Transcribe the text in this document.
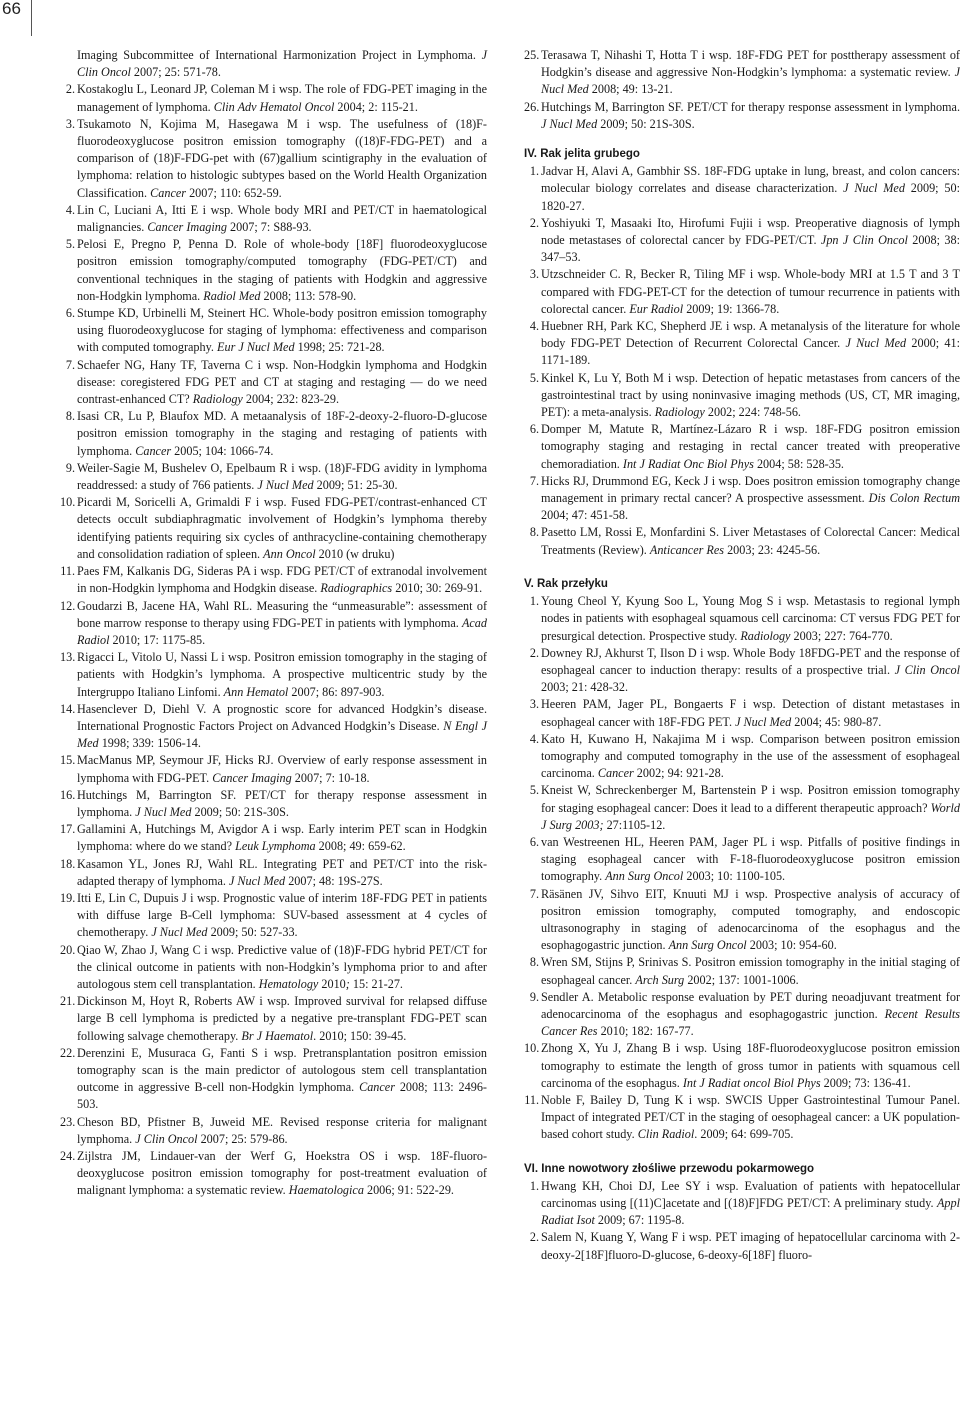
66

Imaging Subcommittee of International Harmonization Project in Lymphoma. J Clin Oncol 2007; 25: 571-78.

2. Kostakoglu L, Leonard JP, Coleman M i wsp. The role of FDG-PET imaging in the management of lymphoma. Clin Adv Hematol Oncol 2004; 2: 115-21.

3. Tsukamoto N, Kojima M, Hasegawa M i wsp. The usefulness of (18)F-fluorodeoxyglucose positron emission tomography ((18)F-FDG-PET) and a comparison of (18)F-FDG-pet with (67)gallium scintigraphy in the evaluation of lymphoma: relation to histologic subtypes based on the World Health Organization Classification. Cancer 2007; 110: 652-59.

4. Lin C, Luciani A, Itti E i wsp. Whole body MRI and PET/CT in haematological malignancies. Cancer Imaging 2007; 7: S88-93.

5. Pelosi E, Pregno P, Penna D. Role of whole-body [18F] fluorodeoxyglucose positron emission tomography/computed tomography (FDG-PET/CT) and conventional techniques in the staging of patients with Hodgkin and aggressive non-Hodgkin lymphoma. Radiol Med 2008; 113: 578-90.

6. Stumpe KD, Urbinelli M, Steinert HC. Whole-body positron emission tomography using fluorodeoxyglucose for staging of lymphoma: effectiveness and comparison with computed tomography. Eur J Nucl Med 1998; 25: 721-28.

7. Schaefer NG, Hany TF, Taverna C i wsp. Non-Hodgkin lymphoma and Hodgkin disease: coregistered FDG PET and CT at staging and restaging — do we need contrast-enhanced CT? Radiology 2004; 232: 823-29.

8. Isasi CR, Lu P, Blaufox MD. A metaanalysis of 18F-2-deoxy-2-fluoro-D-glucose positron emission tomography in the staging and restaging of patients with lymphoma. Cancer 2005; 104: 1066-74.

9. Weiler-Sagie M, Bushelev O, Epelbaum R i wsp. (18)F-FDG avidity in lymphoma readdressed: a study of 766 patients. J Nucl Med 2009; 51: 25-30.

10. Picardi M, Soricelli A, Grimaldi F i wsp. Fused FDG-PET/contrast-enhanced CT detects occult subdiaphragmatic involvement of Hodgkin’s lymphoma thereby identifying patients requiring six cycles of anthracycline-containing chemotherapy and consolidation radiation of spleen. Ann Oncol 2010 (w druku)

11. Paes FM, Kalkanis DG, Sideras PA i wsp. FDG PET/CT of extranodal involvement in non-Hodgkin lymphoma and Hodgkin disease. Radiographics 2010; 30: 269-91.

12. Goudarzi B, Jacene HA, Wahl RL. Measuring the “unmeasurable”: assessment of bone marrow response to therapy using FDG-PET in patients with lymphoma. Acad Radiol 2010; 17: 1175-85.

13. Rigacci L, Vitolo U, Nassi L i wsp. Positron emission tomography in the staging of patients with Hodgkin’s lymphoma. A prospective multicentric study by the Intergruppo Italiano Linfomi. Ann Hematol 2007; 86: 897-903.

14. Hasenclever D, Diehl V. A prognostic score for advanced Hodgkin’s disease. International Prognostic Factors Project on Advanced Hodgkin’s Disease. N Engl J Med 1998; 339: 1506-14.

15. MacManus MP, Seymour JF, Hicks RJ. Overview of early response assessment in lymphoma with FDG-PET. Cancer Imaging 2007; 7: 10-18.

16. Hutchings M, Barrington SF. PET/CT for therapy response assessment in lymphoma. J Nucl Med 2009; 50: 21S-30S.

17. Gallamini A, Hutchings M, Avigdor A i wsp. Early interim PET scan in Hodgkin lymphoma: where do we stand? Leuk Lymphoma 2008; 49: 659-62.

18. Kasamon YL, Jones RJ, Wahl RL. Integrating PET and PET/CT into the risk-adapted therapy of lymphoma. J Nucl Med 2007; 48: 19S-27S.

19. Itti E, Lin C, Dupuis J i wsp. Prognostic value of interim 18F-FDG PET in patients with diffuse large B-Cell lymphoma: SUV-based assessment at 4 cycles of chemotherapy. J Nucl Med 2009; 50: 527-33.

20. Qiao W, Zhao J, Wang C i wsp. Predictive value of (18)F-FDG hybrid PET/CT for the clinical outcome in patients with non-Hodgkin’s lymphoma prior to and after autologous stem cell transplantation. Hematology 2010; 15: 21-27.

21. Dickinson M, Hoyt R, Roberts AW i wsp. Improved survival for relapsed diffuse large B cell lymphoma is predicted by a negative pre-transplant FDG-PET scan following salvage chemotherapy. Br J Haematol. 2010; 150: 39-45.

22. Derenzini E, Musuraca G, Fanti S i wsp. Pretransplantation positron emission tomography scan is the main predictor of autologous stem cell transplantation outcome in aggressive B-cell non-Hodgkin lymphoma. Cancer 2008; 113: 2496-503.

23. Cheson BD, Pfistner B, Juweid ME. Revised response criteria for malignant lymphoma. J Clin Oncol 2007; 25: 579-86.

24. Zijlstra JM, Lindauer-van der Werf G, Hoekstra OS i wsp. 18F-fluoro-deoxyglucose positron emission tomography for post-treatment evaluation of malignant lymphoma: a systematic review. Haematologica 2006; 91: 522-29.

25. Terasawa T, Nihashi T, Hotta T i wsp. 18F-FDG PET for posttherapy assessment of Hodgkin’s disease and aggressive Non-Hodgkin’s lymphoma: a systematic review. J Nucl Med 2008; 49: 13-21.

26. Hutchings M, Barrington SF. PET/CT for therapy response assessment in lymphoma. J Nucl Med 2009; 50: 21S-30S.

IV. Rak jelita grubego

1. Jadvar H, Alavi A, Gambhir SS. 18F-FDG uptake in lung, breast, and colon cancers: molecular biology correlates and disease characterization. J Nucl Med 2009; 50: 1820-27.

2. Yoshiyuki T, Masaaki Ito, Hirofumi Fujii i wsp. Preoperative diagnosis of lymph node metastases of colorectal cancer by FDG-PET/CT. Jpn J Clin Oncol 2008; 38: 347–53.

3. Utzschneider C. R, Becker R, Tiling MF i wsp. Whole-body MRI at 1.5 T and 3 T compared with FDG-PET-CT for the detection of tumour recurrence in patients with colorectal cancer. Eur Radiol 2009; 19: 1366-78.

4. Huebner RH, Park KC, Shepherd JE i wsp. A metanalysis of the literature for whole body FDG-PET Detection of Recurrent Colorectal Cancer. J Nucl Med 2000; 41: 1171-189.

5. Kinkel K, Lu Y, Both M i wsp. Detection of hepatic metastases from cancers of the gastrointestinal tract by using noninvasive imaging methods (US, CT, MR imaging, PET): a meta-analysis. Radiology 2002; 224: 748-56.

6. Domper M, Matute R, Martínez-Lázaro R i wsp. 18F-FDG positron emission tomography staging and restaging in rectal cancer treated with preoperative chemoradiation. Int J Radiat Onc Biol Phys 2004; 58: 528-35.

7. Hicks RJ, Drummond EG, Keck J i wsp. Does positron emission tomography change management in primary rectal cancer? A prospective assessment. Dis Colon Rectum 2004; 47: 451-58.

8. Pasetto LM, Rossi E, Monfardini S. Liver Metastases of Colorectal Cancer: Medical Treatments (Review). Anticancer Res 2003; 23: 4245-56.

V. Rak przełyku

1. Young Cheol Y, Kyung Soo L, Young Mog S i wsp. Metastasis to regional lymph nodes in patients with esophageal squamous cell carcinoma: CT versus FDG PET for presurgical detection. Prospective study. Radiology 2003; 227: 764-770.

2. Downey RJ, Akhurst T, Ilson D i wsp. Whole Body 18FDG-PET and the response of esophageal cancer to induction therapy: results of a prospective trial. J Clin Oncol 2003; 21: 428-32.

3. Heeren PAM, Jager PL, Bongaerts F i wsp. Detection of distant metastases in esophageal cancer with 18F-FDG PET. J Nucl Med 2004; 45: 980-87.

4. Kato H, Kuwano H, Nakajima M i wsp. Comparison between positron emission tomography and computed tomography in the use of the assessment of esophageal carcinoma. Cancer 2002; 94: 921-28.

5. Kneist W, Schreckenberger M, Bartenstein P i wsp. Positron emission tomography for staging esophageal cancer: Does it lead to a different therapeutic approach? World J Surg 2003; 27:1105-12.

6. van Westreenen HL, Heeren PAM, Jager PL i wsp. Pitfalls of positive findings in staging esophageal cancer with F-18-fluorodeoxyglucose positron emission tomography. Ann Surg Oncol 2003; 10: 1100-105.

7. Räsänen JV, Sihvo EIT, Knuuti MJ i wsp. Prospective analysis of accuracy of positron emission tomography, computed tomography, and endoscopic ultrasonography in staging of adenocarcinoma of the esophagus and the esophagogastric junction. Ann Surg Oncol 2003; 10: 954-60.

8. Wren SM, Stijns P, Srinivas S. Positron emission tomography in the initial staging of esophageal cancer. Arch Surg 2002; 137: 1001-1006.

9. Sendler A. Metabolic response evaluation by PET during neoadjuvant treatment for adenocarcinoma of the esophagus and esophagogastric junction. Recent Results Cancer Res 2010; 182: 167-77.

10. Zhong X, Yu J, Zhang B i wsp. Using 18F-fluorodeoxyglucose positron emission tomography to estimate the length of gross tumor in patients with squamous cell carcinoma of the esophagus. Int J Radiat oncol Biol Phys 2009; 73: 136-41.

11. Noble F, Bailey D, Tung K i wsp. SWCIS Upper Gastrointestinal Tumour Panel. Impact of integrated PET/CT in the staging of oesophageal cancer: a UK population-based cohort study. Clin Radiol. 2009; 64: 699-705.

VI. Inne nowotwory złośliwe przewodu pokarmowego

1. Hwang KH, Choi DJ, Lee SY i wsp. Evaluation of patients with hepatocellular carcinomas using [(11)C]acetate and [(18)F]FDG PET/CT: A preliminary study. Appl Radiat Isot 2009; 67: 1195-8.

2. Salem N, Kuang Y, Wang F i wsp. PET imaging of hepatocellular carcinoma with 2-deoxy-2[18F]fluoro-D-glucose, 6-deoxy-6[18F] fluoro-
